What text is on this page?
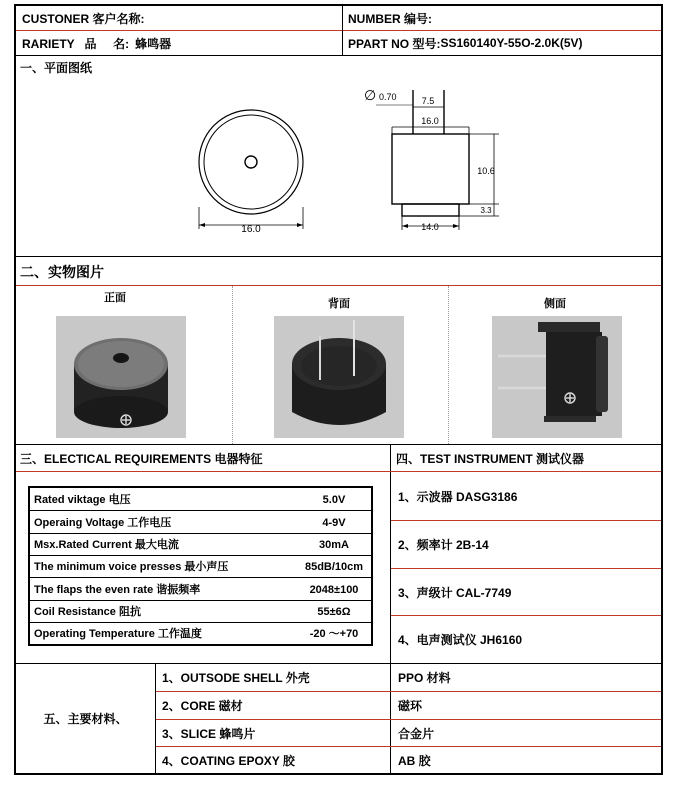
CUSTONER 客户名称:	NUMBER 编号:
RARIETY   品     名: 蜂鸣器	PPART NO 型号: SS160140Y-55O-2.0K(5V)
一、平面图纸
16.0
∅ 0.70	7.5
16.0
10.6
3.3
14.0
二、实物图片
正面	背面	侧面
三、ELECTICAL REQUIREMENTS 电器特征	四、TEST INSTRUMENT 测试仪器
Rated viktage 电压	5.0V
Operaing Voltage 工作电压	4-9V
Msx.Rated Current 最大电流	30mA
The minimum voice presses 最小声压	85dB/10cm
The flaps the even rate 谐振频率	2048±100
Coil Resistance 阻抗	55±6Ω
Operating Temperature 工作温度	-20 ～+70
1、示波器 DASG3186
2、频率计 2B-14
3、声级计 CAL-7749
4、电声测试仪 JH6160
五、主要材料、
1、OUTSODE SHELL 外壳	PPO 材料
2、CORE 磁材	磁环
3、SLICE 蜂鸣片	合金片
4、COATING EPOXY 胶	AB 胶
